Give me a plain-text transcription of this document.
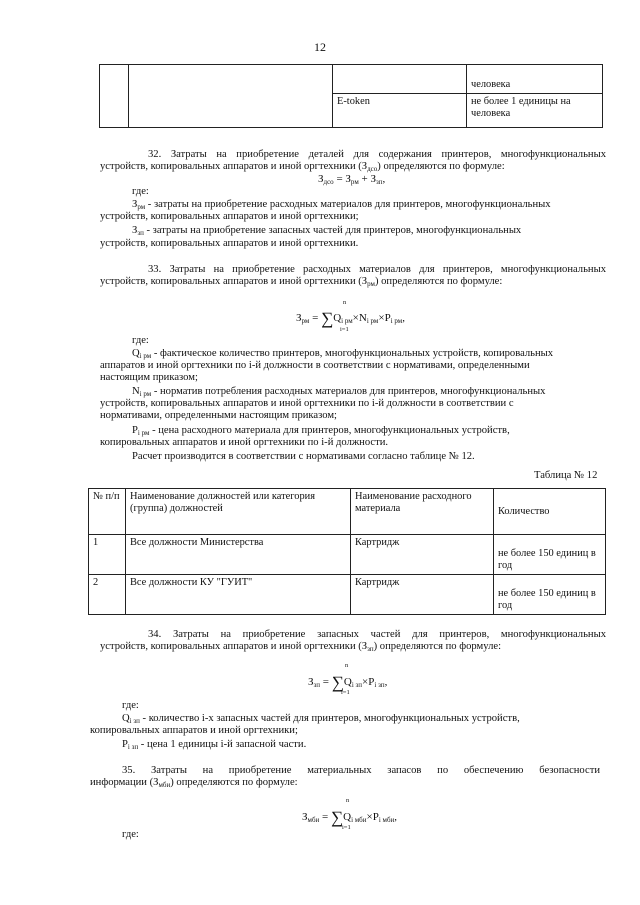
12
			человека
		E-token	не более 1 единицы на человека
32. Затраты на приобретение деталей для содержания принтеров, многофункциональных
устройств, копировальных аппаратов и иной оргтехники $(З_{дсо})$ определяются по формуле:
$З_{дсо} = З_{рм} + З_{зп}$,
где:
$З_{рм}$ - затраты на приобретение расходных материалов для принтеров, многофункциональных
устройств, копировальных аппаратов и иной оргтехники;
$З_{зп}$ - затраты на приобретение запасных частей для принтеров, многофункциональных
устройств, копировальных аппаратов и иной оргтехники.
33. Затраты на приобретение расходных материалов для принтеров, многофункциональных
устройств, копировальных аппаратов и иной оргтехники $(З_{рм})$ определяются по формуле:
$З_{рм} = \sum Q_{i рм}\times N_{i рм}\times P_{i рм}$,
n
i=1
где:
$Q_{i рм}$ - фактическое количество принтеров, многофункциональных устройств, копировальных
аппаратов и иной оргтехники по i-й должности в соответствии с нормативами, определенными
настоящим приказом;
$N_{i рм}$ - норматив потребления расходных материалов для принтеров, многофункциональных
устройств, копировальных аппаратов и иной оргтехники по i-й должности в соответствии с
нормативами, определенными настоящим приказом;
$P_{i рм}$ - цена расходного материала для принтеров, многофункциональных устройств,
копировальных аппаратов и иной оргтехники по i-й должности.
Расчет производится в соответствии с нормативами согласно таблице № 12.
Таблица № 12
№ п/п	Наименование должностей или категория (группа) должностей	Наименование расходного материала	Количество
1	Все должности Министерства	Картридж	не более 150 единиц в год
2	Все должности КУ "ГУИТ"	Картридж	не более 150 единиц в год
34. Затраты на приобретение запасных частей для принтеров, многофункциональных
устройств, копировальных аппаратов и иной оргтехники $(З_{зп})$ определяются по формуле:
$З_{зп} = \sum Q_{i зп}\times P_{i зп}$,
n
i=1
где:
$Q_{i зп}$ - количество i-х запасных частей для принтеров, многофункциональных устройств,
копировальных аппаратов и иной оргтехники;
$P_{i зп}$ - цена 1 единицы i-й запасной части.
35. Затраты на приобретение материальных запасов по обеспечению безопасности
информации $(З_{мби})$ определяются по формуле:
$З_{мби} = \sum Q_{i мби}\times P_{i мби}$,
n
i=1
где:
